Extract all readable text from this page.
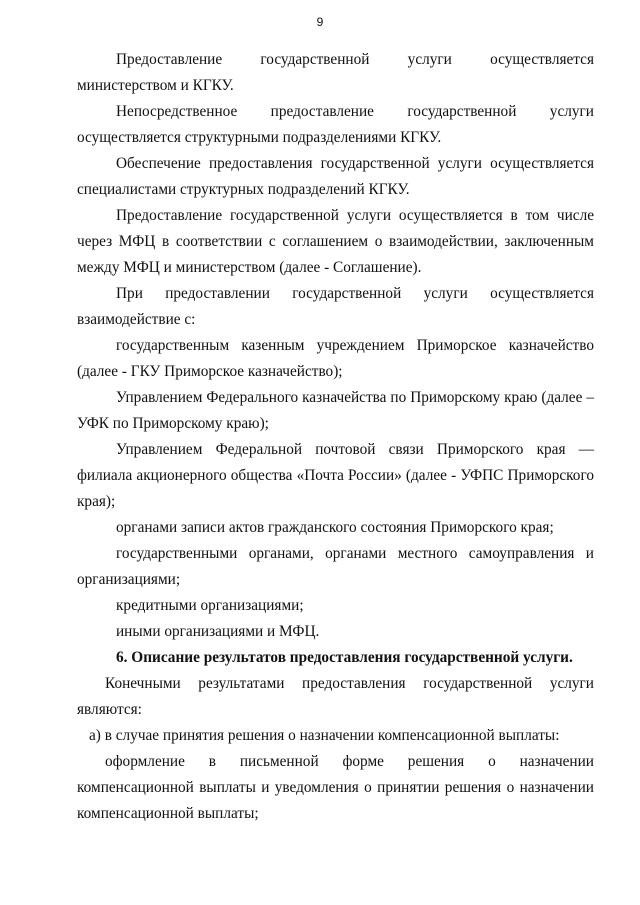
9

Предоставление государственной услуги осуществляется министерством и КГКУ.

Непосредственное предоставление государственной услуги осуществляется структурными подразделениями КГКУ.

Обеспечение предоставления государственной услуги осуществляется специалистами структурных подразделений КГКУ.

Предоставление государственной услуги осуществляется в том числе через МФЦ в соответствии с соглашением о взаимодействии, заключенным между МФЦ и министерством (далее - Соглашение).

При предоставлении государственной услуги осуществляется взаимодействие с:

государственным казенным учреждением Приморское казначейство (далее - ГКУ Приморское казначейство);

Управлением Федерального казначейства по Приморскому краю (далее – УФК по Приморскому краю);

Управлением Федеральной почтовой связи Приморского края — филиала акционерного общества «Почта России» (далее - УФПС Приморского края);

органами записи актов гражданского состояния Приморского края;

государственными органами, органами местного самоуправления и организациями;

кредитными организациями;

иными организациями и МФЦ.

6. Описание результатов предоставления государственной услуги.

Конечными результатами предоставления государственной услуги являются:

а) в случае принятия решения о назначении компенсационной выплаты:

оформление в письменной форме решения о назначении компенсационной выплаты и уведомления о принятии решения о назначении компенсационной выплаты;
